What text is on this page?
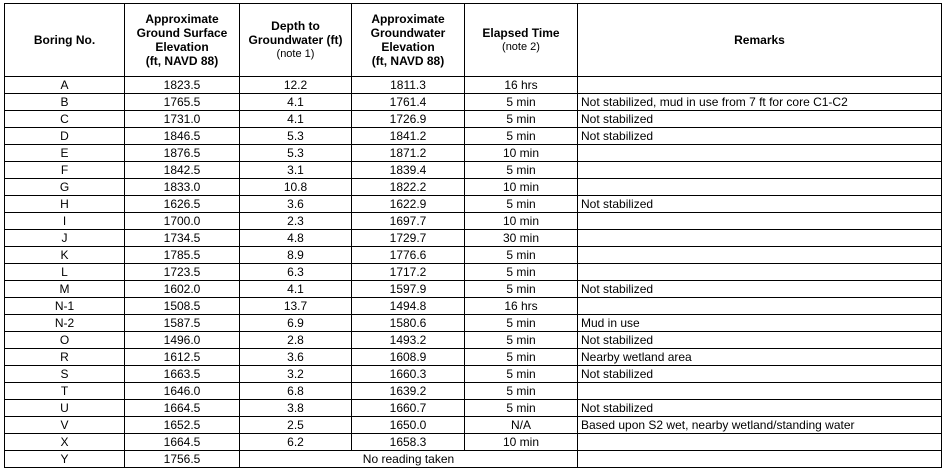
Boring No.	Approximate
Ground Surface
Elevation
(ft, NAVD 88)	Depth to
Groundwater (ft)
(note 1)	Approximate
Groundwater
Elevation
(ft, NAVD 88)	Elapsed Time
(note 2)	Remarks
A	1823.5	12.2	1811.3	16 hrs	
B	1765.5	4.1	1761.4	5 min	Not stabilized, mud in use from 7 ft for core C1-C2
C	1731.0	4.1	1726.9	5 min	Not stabilized
D	1846.5	5.3	1841.2	5 min	Not stabilized
E	1876.5	5.3	1871.2	10 min	
F	1842.5	3.1	1839.4	5 min	
G	1833.0	10.8	1822.2	10 min	
H	1626.5	3.6	1622.9	5 min	Not stabilized
I	1700.0	2.3	1697.7	10 min	
J	1734.5	4.8	1729.7	30 min	
K	1785.5	8.9	1776.6	5 min	
L	1723.5	6.3	1717.2	5 min	
M	1602.0	4.1	1597.9	5 min	Not stabilized
N-1	1508.5	13.7	1494.8	16 hrs	
N-2	1587.5	6.9	1580.6	5 min	Mud in use
O	1496.0	2.8	1493.2	5 min	Not stabilized
R	1612.5	3.6	1608.9	5 min	Nearby wetland area
S	1663.5	3.2	1660.3	5 min	Not stabilized
T	1646.0	6.8	1639.2	5 min	
U	1664.5	3.8	1660.7	5 min	Not stabilized
V	1652.5	2.5	1650.0	N/A	Based upon S2 wet, nearby wetland/standing water
X	1664.5	6.2	1658.3	10 min	
Y	1756.5	No reading taken			
